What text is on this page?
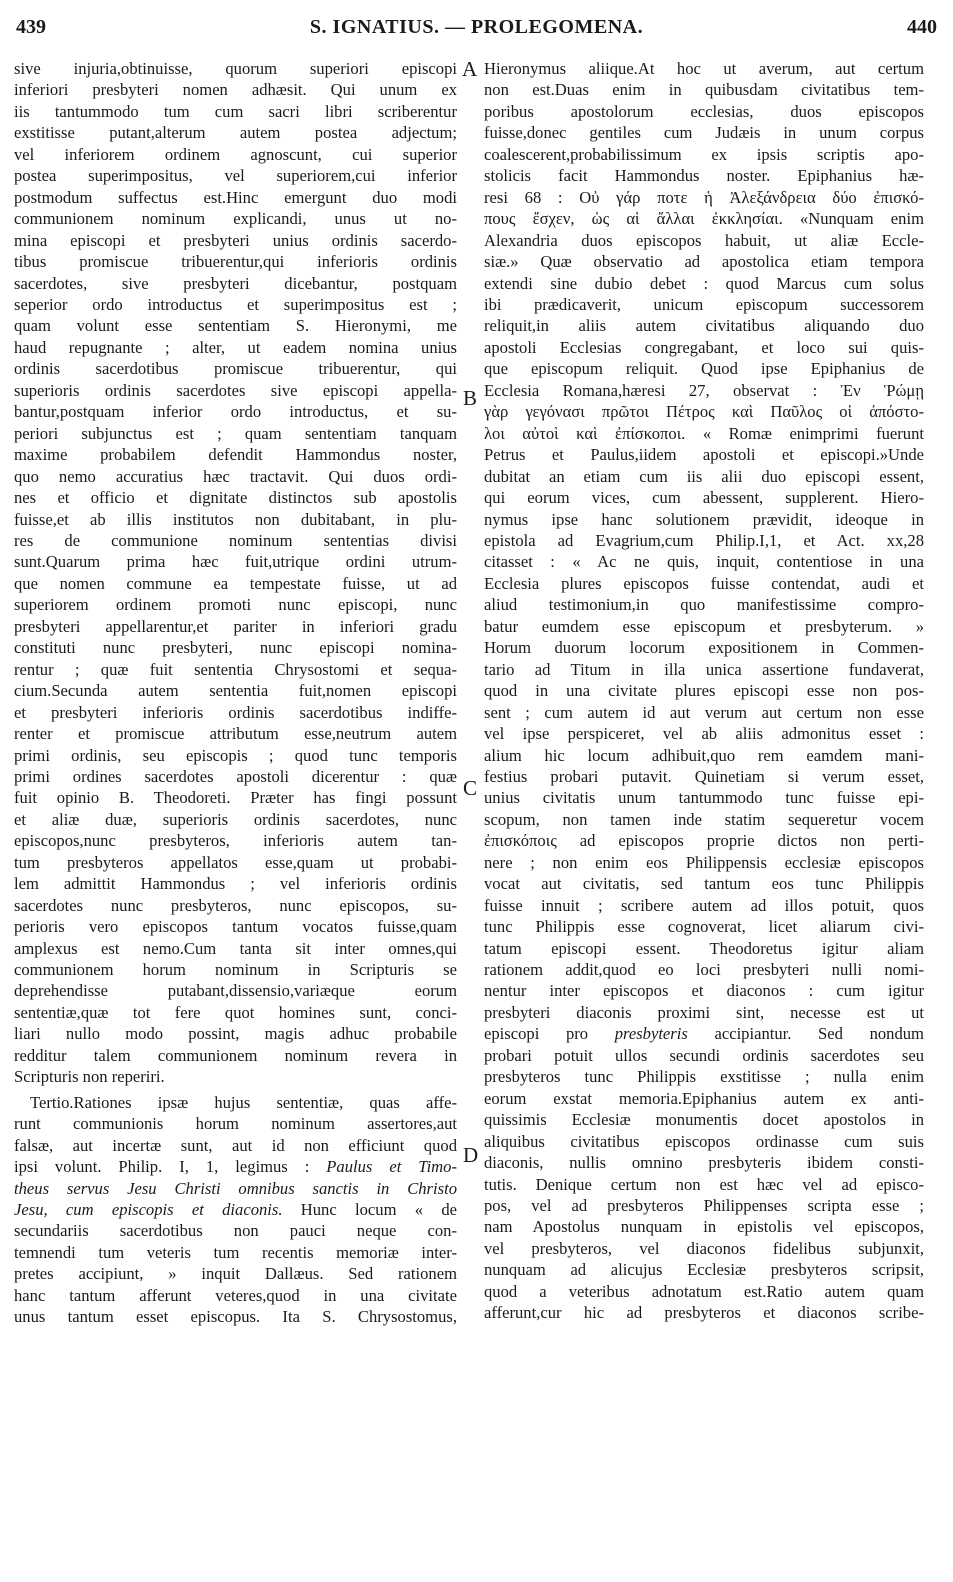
439	S. IGNATIUS. — PROLEGOMENA.	440
A
B
C
D
sive injuria,obtinuisse, quorum superiori episcopi
inferiori presbyteri nomen adhæsit. Qui unum ex
iis tantummodo tum cum sacri libri scriberentur
exstitisse putant,alterum autem postea adjectum;
vel inferiorem ordinem agnoscunt, cui superior
postea superimpositus, vel superiorem,cui inferior
postmodum suffectus est.Hinc emergunt duo modi
communionem nominum explicandi, unus ut no-
mina episcopi et presbyteri unius ordinis sacerdo-
tibus promiscue tribuerentur,qui inferioris ordinis
sacerdotes, sive presbyteri dicebantur, postquam
seperior ordo introductus et superimpositus est ;
quam volunt esse sententiam S. Hieronymi, me
haud repugnante ; alter, ut eadem nomina unius
ordinis sacerdotibus promiscue tribuerentur, qui
superioris ordinis sacerdotes sive episcopi appella-
bantur,postquam inferior ordo introductus, et su-
periori subjunctus est ; quam sententiam tanquam
maxime probabilem defendit Hammondus noster,
quo nemo accuratius hæc tractavit. Qui duos ordi-
nes et officio et dignitate distinctos sub apostolis
fuisse,et ab illis institutos non dubitabant, in plu-
res de communione nominum sententias divisi
sunt.Quarum prima hæc fuit,utrique ordini utrum-
que nomen commune ea tempestate fuisse, ut ad
superiorem ordinem promoti nunc episcopi, nunc
presbyteri appellarentur,et pariter in inferiori gradu
constituti nunc presbyteri, nunc episcopi nomina-
rentur ; quæ fuit sententia Chrysostomi et sequa-
cium.Secunda autem sententia fuit,nomen episcopi
et presbyteri inferioris ordinis sacerdotibus indiffe-
renter et promiscue attributum esse,neutrum autem
primi ordinis, seu episcopis ; quod tunc temporis
primi ordines sacerdotes apostoli dicerentur : quæ
fuit opinio B. Theodoreti. Præter has fingi possunt
et aliæ duæ, superioris ordinis sacerdotes, nunc
episcopos,nunc presbyteros, inferioris autem tan-
tum presbyteros appellatos esse,quam ut probabi-
lem admittit Hammondus ; vel inferioris ordinis
sacerdotes nunc presbyteros, nunc episcopos, su-
perioris vero episcopos tantum vocatos fuisse,quam
amplexus est nemo.Cum tanta sit inter omnes,qui
communionem horum nominum in Scripturis se
deprehendisse putabant,dissensio,variæque eorum
sententiæ,quæ tot fere quot homines sunt, conci-
liari nullo modo possint, magis adhuc probabile
redditur talem communionem nominum revera in
Scripturis non reperiri.
Tertio.Rationes ipsæ hujus sententiæ, quas affe-
runt communionis horum nominum assertores,aut
falsæ, aut incertæ sunt, aut id non efficiunt quod
ipsi volunt. Philip. I, 1, legimus : Paulus et Timo-
theus servus Jesu Christi omnibus sanctis in Christo
Jesu, cum episcopis et diaconis. Hunc locum « de
secundariis sacerdotibus non pauci neque con-
temnendi tum veteris tum recentis memoriæ inter-
pretes accipiunt, » inquit Dallæus. Sed rationem
hanc tantum afferunt veteres,quod in una civitate
unus tantum esset episcopus. Ita S. Chrysostomus,
Hieronymus aliique.At hoc ut averum, aut certum
non est.Duas enim in quibusdam civitatibus tem-
poribus apostolorum ecclesias, duos episcopos
fuisse,donec gentiles cum Judæis in unum corpus
coalescerent,probabilissimum ex ipsis scriptis apo-
stolicis facit Hammondus noster. Epiphanius hæ-
resi 68 : Οὐ γάρ ποτε ἡ Ἀλεξάνδρεια δύο ἐπισκό-
πους ἔσχεν, ὡς αἱ ἄλλαι ἐκκλησίαι. «Nunquam enim
Alexandria duos episcopos habuit, ut aliæ Eccle-
siæ.» Quæ observatio ad apostolica etiam tempora
extendi sine dubio debet : quod Marcus cum solus
ibi prædicaverit, unicum episcopum successorem
reliquit,in aliis autem civitatibus aliquando duo
apostoli Ecclesias congregabant, et loco sui quis-
que episcopum reliquit. Quod ipse Epiphanius de
Ecclesia Romana,hæresi 27, observat : Ἐν Ῥώμῃ
γὰρ γεγόνασι πρῶτοι Πέτρος καὶ Παῦλος οἱ ἀπόστο-
λοι αὐτοὶ καὶ ἐπίσκοποι. « Romæ enimprimi fuerunt
Petrus et Paulus,iidem apostoli et episcopi.»Unde
dubitat an etiam cum iis alii duo episcopi essent,
qui eorum vices, cum abessent, supplerent. Hiero-
nymus ipse hanc solutionem prævidit, ideoque in
epistola ad Evagrium,cum Philip.I,1, et Act. xx,28
citasset : « Ac ne quis, inquit, contentiose in una
Ecclesia plures episcopos fuisse contendat, audi et
aliud testimonium,in quo manifestissime compro-
batur eumdem esse episcopum et presbyterum. »
Horum duorum locorum expositionem in Commen-
tario ad Titum in illa unica assertione fundaverat,
quod in una civitate plures episcopi esse non pos-
sent ; cum autem id aut verum aut certum non esse
vel ipse perspiceret, vel ab aliis admonitus esset :
alium hic locum adhibuit,quo rem eamdem mani-
festius probari putavit. Quinetiam si verum esset,
unius civitatis unum tantummodo tunc fuisse epi-
scopum, non tamen inde statim sequeretur vocem
ἐπισκόποις ad episcopos proprie dictos non perti-
nere ; non enim eos Philippensis ecclesiæ episcopos
vocat aut civitatis, sed tantum eos tunc Philippis
fuisse innuit ; scribere autem ad illos potuit, quos
tunc Philippis esse cognoverat, licet aliarum civi-
tatum episcopi essent. Theodoretus igitur aliam
rationem addit,quod eo loci presbyteri nulli nomi-
nentur inter episcopos et diaconos : cum igitur
presbyteri diaconis proximi sint, necesse est ut
episcopi pro presbyteris accipiantur. Sed nondum
probari potuit ullos secundi ordinis sacerdotes seu
presbyteros tunc Philippis exstitisse ; nulla enim
eorum exstat memoria.Epiphanius autem ex anti-
quissimis Ecclesiæ monumentis docet apostolos in
aliquibus civitatibus episcopos ordinasse cum suis
diaconis, nullis omnino presbyteris ibidem consti-
tutis. Denique certum non est hæc vel ad episco-
pos, vel ad presbyteros Philippenses scripta esse ;
nam Apostolus nunquam in epistolis vel episcopos,
vel presbyteros, vel diaconos fidelibus subjunxit,
nunquam ad alicujus Ecclesiæ presbyteros scripsit,
quod a veteribus adnotatum est.Ratio autem quam
afferunt,cur hic ad presbyteros et diaconos scribe-
